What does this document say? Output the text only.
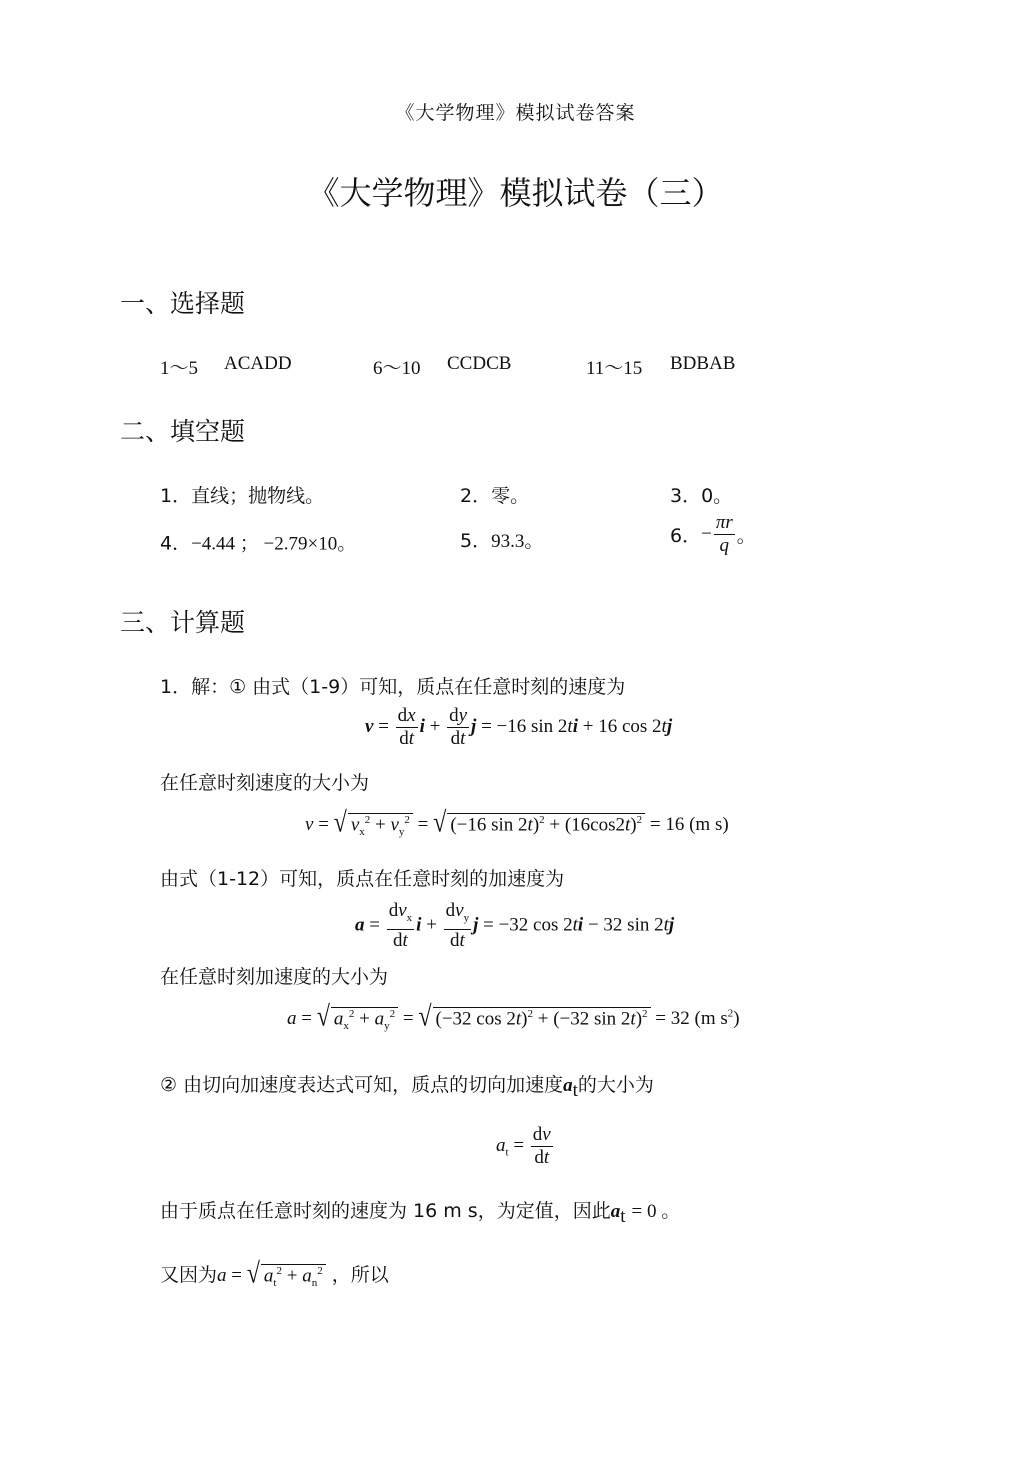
《大学物理》模拟试卷答案
《大学物理》模拟试卷（三）
一、选择题
1～5 ACADD	6～10 CCDCB	11～15 BDBAB
二、填空题
1．直线；抛物线。	2．零。	3．0。
4．−4.44 ； −2.79×10。	5．93.3。	6．− $\frac{\pi r}{q}$ 。
三、计算题
1．解：① 由式（1-9）可知，质点在任意时刻的速度为
$v = \frac{dx}{dt}$ $i + \frac{dy}{dt}$ j = −16 sin 2ti + 16 cos 2tj
在任意时刻速度的大小为
v = √ $v_x^2 + v_y^2$ = √ (−16 $\sin 2t)^2 + (16\cos 2t)^2 = 16$ (m s)
由式（1-12）可知，质点在任意时刻的加速度为
$a = \frac{dv_x}{dt}$ $i + \frac{dv_y}{dt}$ j = −32 cos 2ti − 32 sin 2tj
在任意时刻加速度的大小为
a = √ $a_x^2 + a_y^2$ = √ (−32 cos 2t)$^2$ + (−32 sin 2t)$^2$ = 32 (m $s^2$)
② 由切向加速度表达式可知，质点的切向加速度$a_t$的大小为
$a_t = \frac{dv}{dt}$
由于质点在任意时刻的速度为 16 m s，为定值，因此$a_t = 0$ 。
又因为a = √ $a_t^2 + a_n^2$ ，所以
